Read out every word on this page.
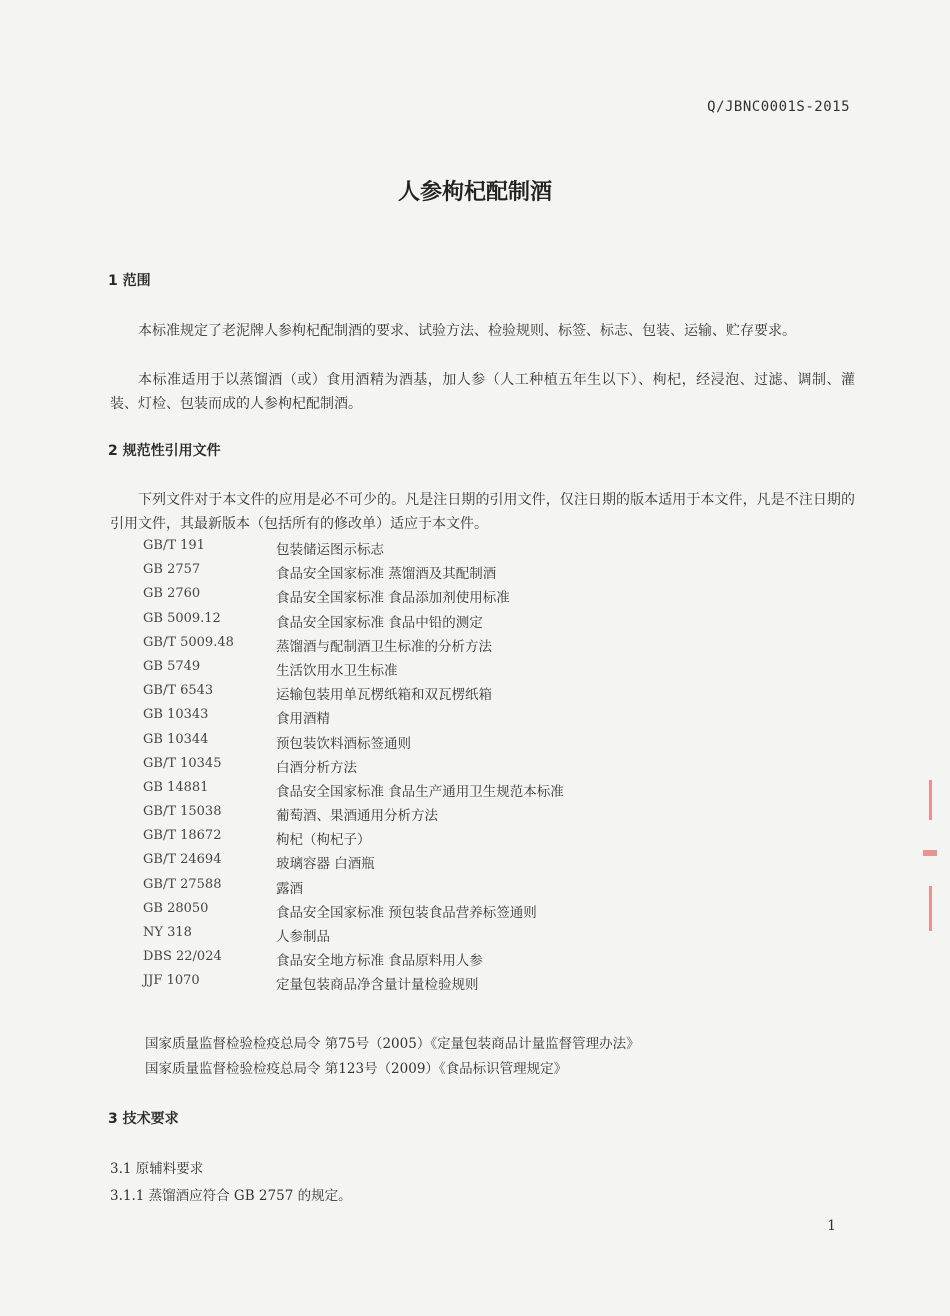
Q/JBNC0001S-2015
人参枸杞配制酒
1 范围
本标准规定了老泥牌人参枸杞配制酒的要求、试验方法、检验规则、标签、标志、包装、运输、贮存要求。
本标准适用于以蒸馏酒（或）食用酒精为酒基，加人参（人工种植五年生以下）、枸杞，经浸泡、过滤、调制、灌装、灯检、包装而成的人参枸杞配制酒。
2 规范性引用文件
下列文件对于本文件的应用是必不可少的。凡是注日期的引用文件，仅注日期的版本适用于本文件，凡是不注日期的引用文件，其最新版本（包括所有的修改单）适应于本文件。
GB/T 191	包装储运图示标志
GB 2757	食品安全国家标准 蒸馏酒及其配制酒
GB 2760	食品安全国家标准 食品添加剂使用标准
GB 5009.12	食品安全国家标准 食品中铅的测定
GB/T 5009.48	蒸馏酒与配制酒卫生标准的分析方法
GB 5749	生活饮用水卫生标准
GB/T 6543	运输包装用单瓦楞纸箱和双瓦楞纸箱
GB 10343	食用酒精
GB 10344	预包装饮料酒标签通则
GB/T 10345	白酒分析方法
GB 14881	食品安全国家标准 食品生产通用卫生规范本标准
GB/T 15038	葡萄酒、果酒通用分析方法
GB/T 18672	枸杞（枸杞子）
GB/T 24694	玻璃容器 白酒瓶
GB/T 27588	露酒
GB 28050	食品安全国家标准 预包装食品营养标签通则
NY 318	人参制品
DBS 22/024	食品安全地方标准 食品原料用人参
JJF 1070	定量包装商品净含量计量检验规则
国家质量监督检验检疫总局令 第75号（2005）《定量包装商品计量监督管理办法》
国家质量监督检验检疫总局令 第123号（2009）《食品标识管理规定》
3 技术要求
3.1 原辅料要求
3.1.1 蒸馏酒应符合 GB 2757 的规定。
1
